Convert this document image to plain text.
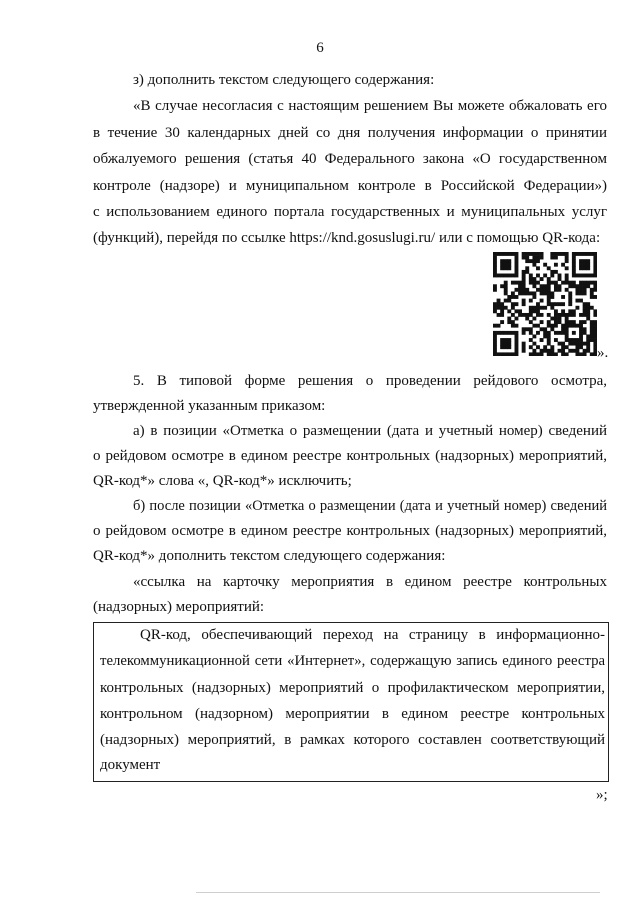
6
з) дополнить текстом следующего содержания:
«В случае несогласия с настоящим решением Вы можете обжаловать его
в течение 30 календарных дней со дня получения информации о принятии
обжалуемого решения (статья 40 Федерального закона «О государственном
контроле (надзоре) и муниципальном контроле в Российской Федерации»)
с использованием единого портала государственных и муниципальных услуг
(функций), перейдя по ссылке https://knd.gosuslugi.ru/ или с помощью QR-кода:
».
5. В типовой форме решения о проведении рейдового осмотра,
утвержденной указанным приказом:
а) в позиции «Отметка о размещении (дата и учетный номер) сведений
о рейдовом осмотре в едином реестре контрольных (надзорных) мероприятий,
QR-код*» слова «, QR-код*» исключить;
б) после позиции «Отметка о размещении (дата и учетный номер) сведений
о рейдовом осмотре в едином реестре контрольных (надзорных) мероприятий,
QR-код*» дополнить текстом следующего содержания:
«ссылка на карточку мероприятия в едином реестре контрольных
(надзорных) мероприятий:
QR-код, обеспечивающий переход на страницу в информационно-
телекоммуникационной сети «Интернет», содержащую запись единого реестра
контрольных (надзорных) мероприятий о профилактическом мероприятии,
контрольном (надзорном) мероприятии в едином реестре контрольных
(надзорных) мероприятий, в рамках которого составлен соответствующий
документ
»;
